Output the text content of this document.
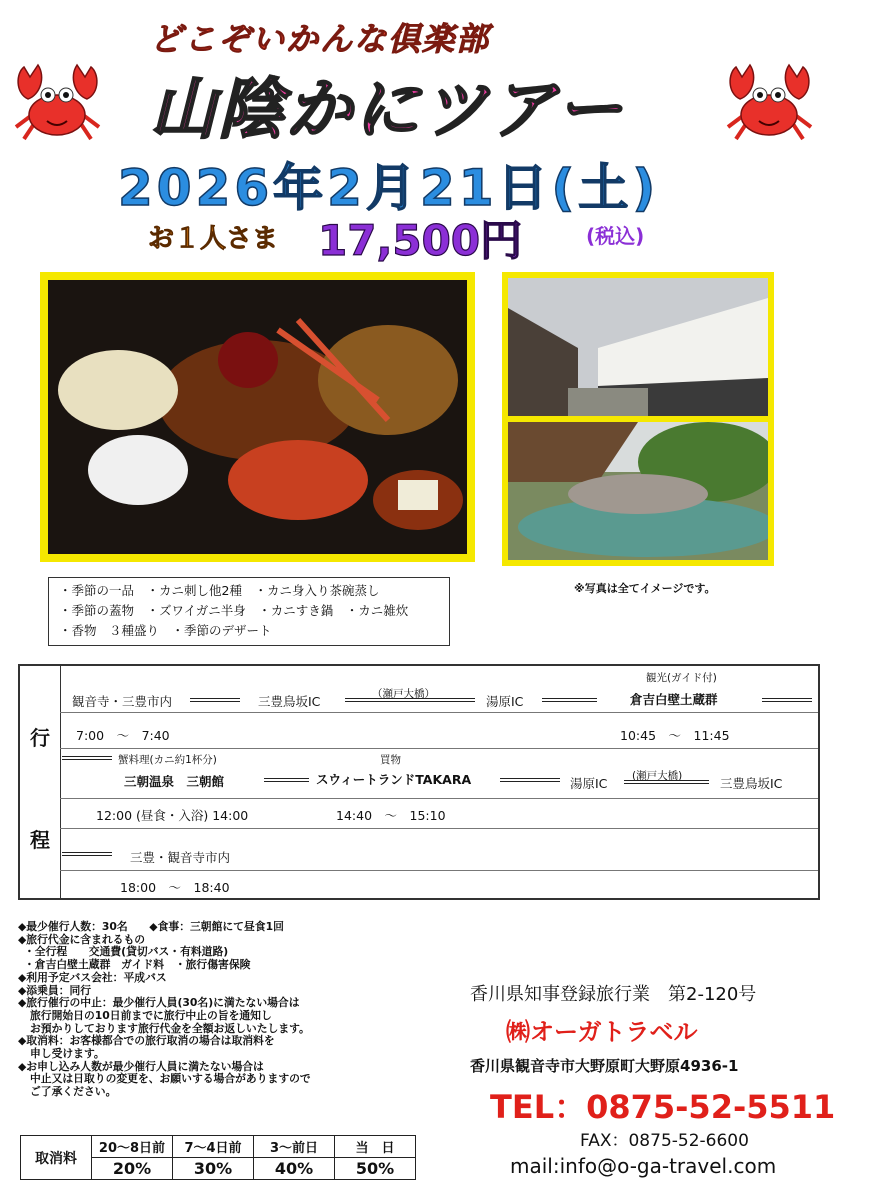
どこぞいかんな倶楽部
山陰かにツアー
2026年2月21日(土)
お１人さま 17,500円	(税込)
・季節の一品　・カニ刺し他2種　・カニ身入り茶碗蒸し
・季節の蓋物　・ズワイガニ半身　・カニすき鍋　・カニ雑炊
・香物　３種盛り　・季節のデザート
※写真は全てイメージです。
行
程
観音寺・三豊市内	三豊鳥坂IC	（瀬戸大橋）	湯原IC
観光(ガイド付)
倉吉白壁土蔵群
7:00　～　7:40	10:45　～　11:45
蟹料理(カニ約1杯分)
三朝温泉　三朝館
買物
スウィートランドTAKARA	湯原IC (瀬戸大橋)	三豊鳥坂IC
12:00 (昼食・入浴) 14:00	14:40　～　15:10
三豊・観音寺市内
18:00　～　18:40
◆最少催行人数：30名　　◆食事：三朝館にて昼食1回
◆旅行代金に含まれるもの
・全行程　　交通費(貸切バス・有料道路)
・倉吉白壁土蔵群　ガイド料　・旅行傷害保険
◆利用予定バス会社：平成バス
◆添乗員：同行
◆旅行催行の中止：最少催行人員(30名)に満たない場合は
旅行開始日の10日前までに旅行中止の旨を通知し
お預かりしております旅行代金を全額お返しいたします。
◆取消料：お客様都合での旅行取消の場合は取消料を
申し受けます。
◆お申し込み人数が最少催行人員に満たない場合は
中止又は日取りの変更を、お願いする場合がありますので
ご了承ください。
取消料	20～8日前	7～4日前	3～前日	当　日
	20%	30%	40%	50%
香川県知事登録旅行業　第2-120号
㈱オーガトラベル
香川県観音寺市大野原町大野原4936-1
TEL：0875-52-5511
FAX：0875-52-6600
mail:info@o-ga-travel.com
